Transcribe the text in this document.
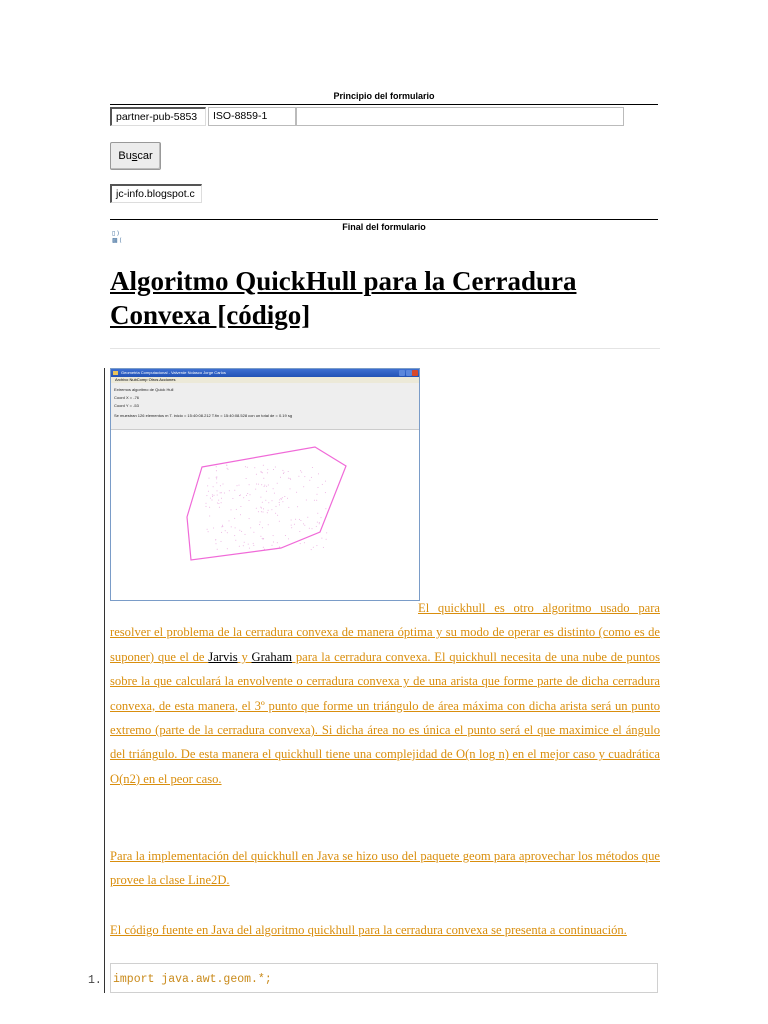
Principio del formulario
partner-pub-5853	ISO-8859-1
Buscar
jc-info.blogspot.c
Final del formulario
▯ ⟩
▩ ⟨
Algoritmo QuickHull para la Cerradura Convexa [código]
Geometria Computacional - Valverde Nolasco Jorge Carlos
Archivo NubComp Otros Acciones
Extremos algoritmo de Quick Hull
Coord X = -76
Coord Y = -53
Se muestran 126 elementos m T. inicio = 15:40:08.212 T.fin = 15:40:08.528 con un total de = 0.19 sg
El quickhull es otro algoritmo usado para resolver el problema de la cerradura convexa de manera óptima y su modo de operar es distinto (como es de suponer) que el de Jarvis y Graham para la cerradura convexa. El quickhull necesita de una nube de puntos sobre la que calculará la envolvente o cerradura convexa y de una arista que forme parte de dicha cerradura convexa, de esta manera, el 3º punto que forme un triángulo de área máxima con dicha arista será un punto extremo (parte de la cerradura convexa). Si dicha área no es única el punto será el que maximice el ángulo del triángulo. De esta manera el quickhull tiene una complejidad de O(n log n) en el mejor caso y cuadrática O(n2) en el peor caso.
Para la implementación del quickhull en Java se hizo uso del paquete geom para aprovechar los métodos que provee la clase Line2D.
El código fuente en Java del algoritmo quickhull para la cerradura convexa se presenta a continuación.
1. import java.awt.geom.*;
